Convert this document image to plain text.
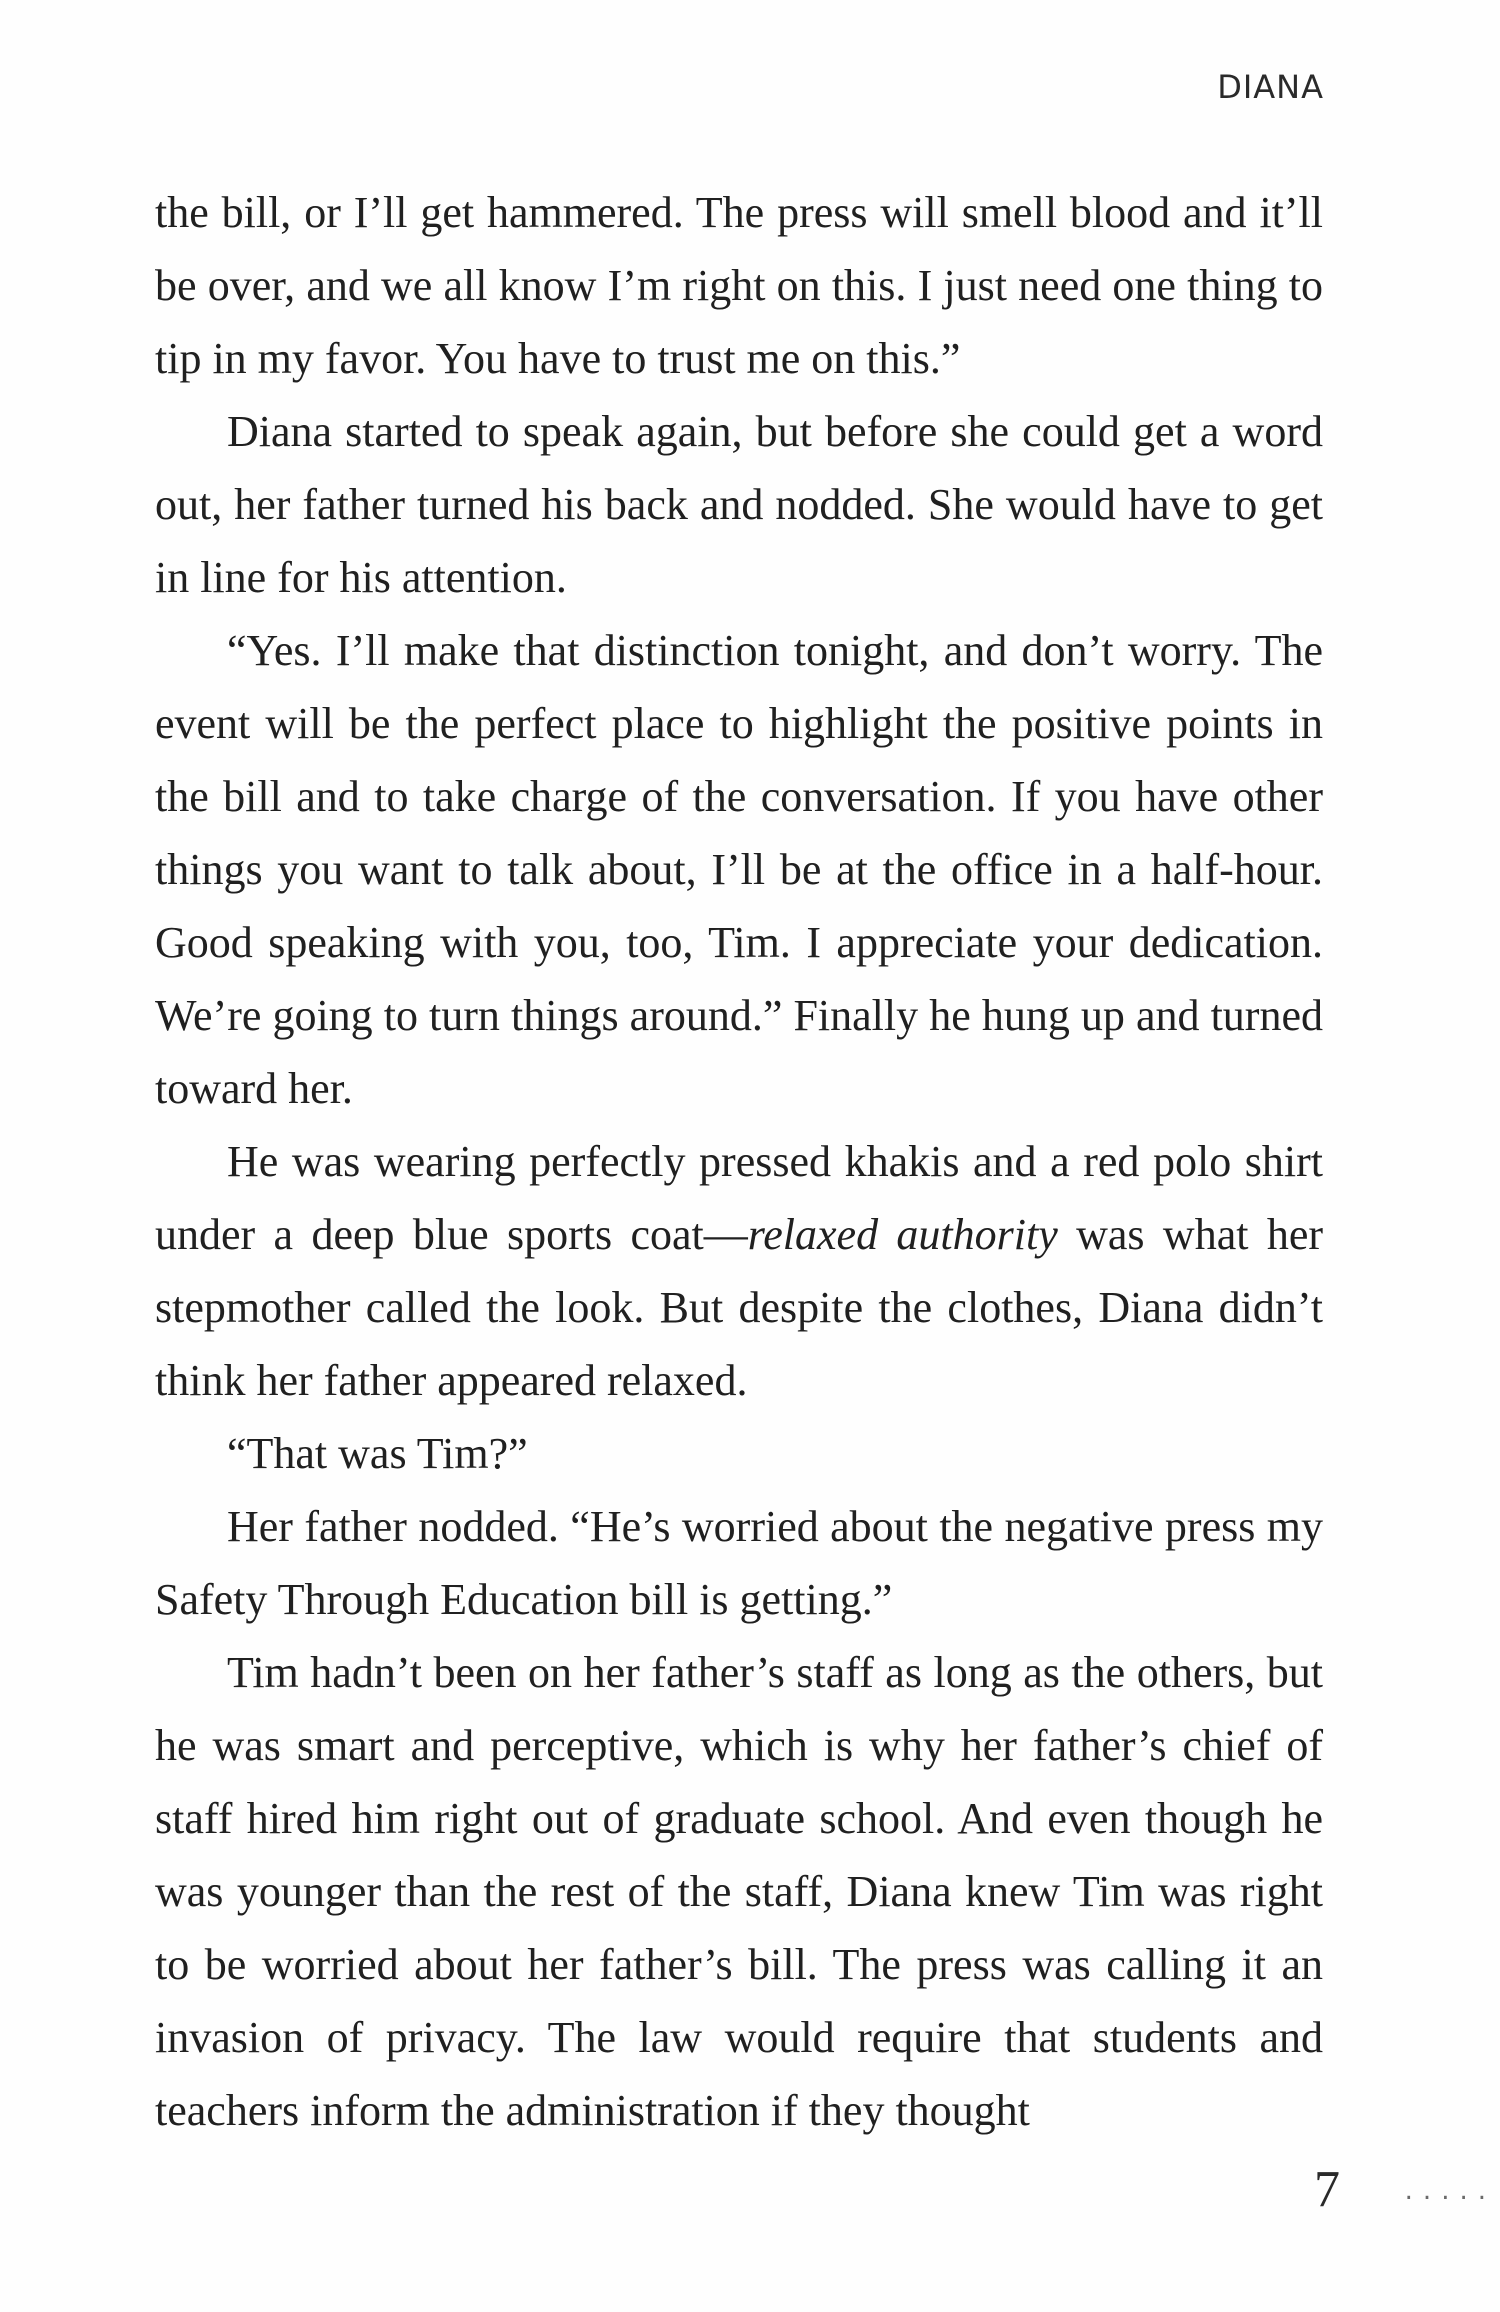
DIANA

the bill, or I’ll get hammered. The press will smell blood and it’ll be over, and we all know I’m right on this. I just need one thing to tip in my favor. You have to trust me on this.”

Diana started to speak again, but before she could get a word out, her father turned his back and nodded. She would have to get in line for his attention.

“Yes. I’ll make that distinction tonight, and don’t worry. The event will be the perfect place to highlight the positive points in the bill and to take charge of the conversation. If you have other things you want to talk about, I’ll be at the office in a half-hour. Good speaking with you, too, Tim. I appreciate your dedication. We’re going to turn things around.” Finally he hung up and turned toward her.

He was wearing perfectly pressed khakis and a red polo shirt under a deep blue sports coat—relaxed authority was what her stepmother called the look. But despite the clothes, Diana didn’t think her father appeared relaxed.

“That was Tim?”

Her father nodded. “He’s worried about the negative press my Safety Through Education bill is getting.”

Tim hadn’t been on her father’s staff as long as the others, but he was smart and perceptive, which is why her father’s chief of staff hired him right out of graduate school. And even though he was younger than the rest of the staff, Diana knew Tim was right to be worried about her father’s bill. The press was calling it an invasion of privacy. The law would require that students and teachers inform the administration if they thought

7 .....
